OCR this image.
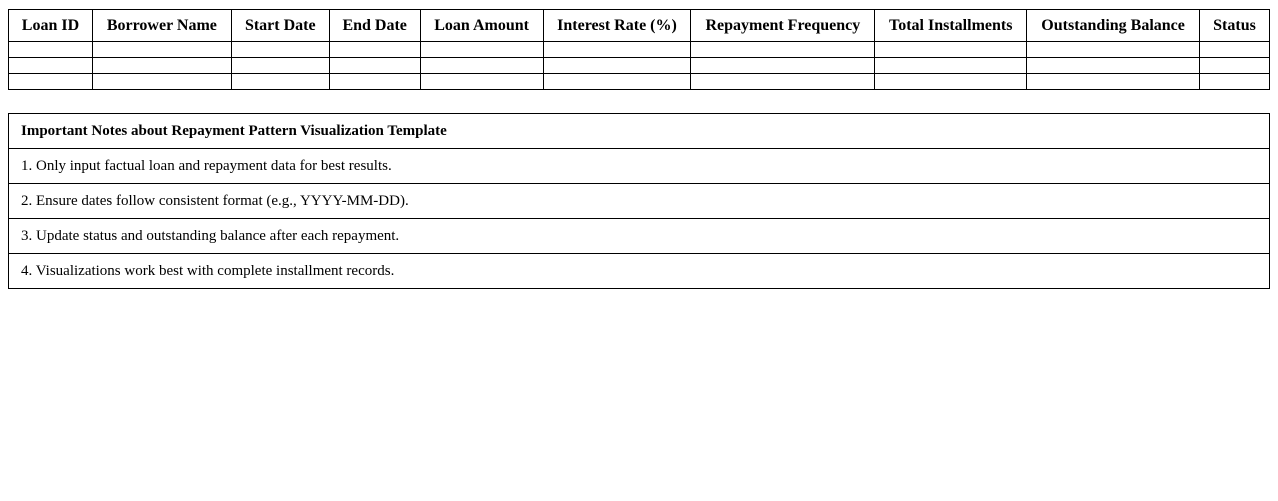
Loan ID	Borrower Name	Start Date	End Date	Loan Amount	Interest Rate (%)	Repayment Frequency	Total Installments	Outstanding Balance	Status

Important Notes about Repayment Pattern Visualization Template
1. Only input factual loan and repayment data for best results.
2. Ensure dates follow consistent format (e.g., YYYY-MM-DD).
3. Update status and outstanding balance after each repayment.
4. Visualizations work best with complete installment records.
